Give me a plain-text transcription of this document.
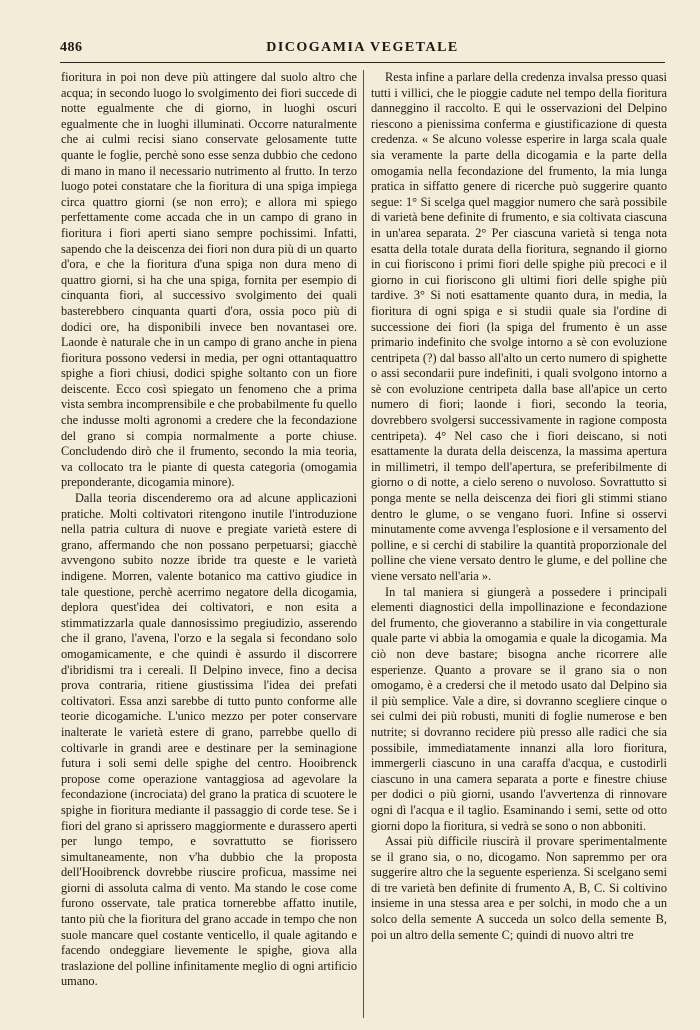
486	DICOGAMIA VEGETALE

fioritura in poi non deve più attingere dal suolo altro che acqua; in secondo luogo lo svolgimento dei fiori succede di notte egualmente che di giorno, in luoghi oscuri egualmente che in luoghi illuminati. Occorre naturalmente che ai culmi recisi siano conservate gelosamente tutte quante le foglie, perchè sono esse senza dubbio che cedono di mano in mano il necessario nutrimento al frutto. In terzo luogo potei constatare che la fioritura di una spiga impiega circa quattro giorni (se non erro); e allora mi spiego perfettamente come accada che in un campo di grano in fioritura i fiori aperti siano sempre pochissimi. Infatti, sapendo che la deiscenza dei fiori non dura più di un quarto d'ora, e che la fioritura d'una spiga non dura meno di quattro giorni, si ha che una spiga, fornita per esempio di cinquanta fiori, al successivo svolgimento dei quali basterebbero cinquanta quarti d'ora, ossia poco più di dodici ore, ha disponibili invece ben novantasei ore. Laonde è naturale che in un campo di grano anche in piena fioritura possono vedersi in media, per ogni ottantaquattro spighe a fiori chiusi, dodici spighe soltanto con un fiore deiscente. Ecco così spiegato un fenomeno che a prima vista sembra incomprensibile e che probabilmente fu quello che indusse molti agronomi a credere che la fecondazione del grano si compia normalmente a porte chiuse. Concludendo dirò che il frumento, secondo la mia teoria, va collocato tra le piante di questa categoria (omogamia preponderante, dicogamia minore).

Dalla teoria discenderemo ora ad alcune applicazioni pratiche. Molti coltivatori ritengono inutile l'introduzione nella patria cultura di nuove e pregiate varietà estere di grano, affermando che non possano perpetuarsi; giacchè avvengono subito nozze ibride tra queste e le varietà indigene. Morren, valente botanico ma cattivo giudice in tale questione, perchè acerrimo negatore della dicogamia, deplora quest'idea dei coltivatori, e non esita a stimmatizzarla quale dannosissimo pregiudizio, asserendo che il grano, l'avena, l'orzo e la segala si fecondano solo omogamicamente, e che quindi è assurdo il discorrere d'ibridismi tra i cereali. Il Delpino invece, fino a decisa prova contraria, ritiene giustissima l'idea dei prefati coltivatori. Essa anzi sarebbe di tutto punto conforme alle teorie dicogamiche. L'unico mezzo per poter conservare inalterate le varietà estere di grano, parrebbe quello di coltivarle in grandi aree e destinare per la seminagione futura i soli semi delle spighe del centro. Hooibrenck propose come operazione vantaggiosa ad agevolare la fecondazione (incrociata) del grano la pratica di scuotere le spighe in fioritura mediante il passaggio di corde tese. Se i fiori del grano si aprissero maggiormente e durassero aperti per lungo tempo, e sovrattutto se fiorissero simultaneamente, non v'ha dubbio che la proposta dell'Hooibrenck dovrebbe riuscire proficua, massime nei giorni di assoluta calma di vento. Ma stando le cose come furono osservate, tale pratica tornerebbe affatto inutile, tanto più che la fioritura del grano accade in tempo che non suole mancare quel costante venticello, il quale agitando e facendo ondeggiare lievemente le spighe, giova alla traslazione del polline infinitamente meglio di ogni artificio umano.

Resta infine a parlare della credenza invalsa presso quasi tutti i villici, che le pioggie cadute nel tempo della fioritura danneggino il raccolto. E qui le osservazioni del Delpino riescono a pienissima conferma e giustificazione di questa credenza. « Se alcuno volesse esperire in larga scala quale sia veramente la parte della dicogamia e la parte della omogamia nella fecondazione del frumento, la mia lunga pratica in siffatto genere di ricerche può suggerire quanto segue: 1° Si scelga quel maggior numero che sarà possibile di varietà bene definite di frumento, e sia coltivata ciascuna in un'area separata. 2° Per ciascuna varietà si tenga nota esatta della totale durata della fioritura, segnando il giorno in cui fioriscono i primi fiori delle spighe più precoci e il giorno in cui fioriscono gli ultimi fiori delle spighe più tardive. 3° Si noti esattamente quanto dura, in media, la fioritura di ogni spiga e si studii quale sia l'ordine di successione dei fiori (la spiga del frumento è un asse primario indefinito che svolge intorno a sè con evoluzione centripeta (?) dal basso all'alto un certo numero di spighette o assi secondarii pure indefiniti, i quali svolgono intorno a sè con evoluzione centripeta dalla base all'apice un certo numero di fiori; laonde i fiori, secondo la teoria, dovrebbero svolgersi successivamente in ragione composta centripeta). 4° Nel caso che i fiori deiscano, si noti esattamente la durata della deiscenza, la massima apertura in millimetri, il tempo dell'apertura, se preferibilmente di giorno o di notte, a cielo sereno o nuvoloso. Sovrattutto si ponga mente se nella deiscenza dei fiori gli stimmi stiano dentro le glume, o se vengano fuori. Infine si osservi minutamente come avvenga l'esplosione e il versamento del polline, e si cerchi di stabilire la quantità proporzionale del polline che viene versato dentro le glume, e del polline che viene versato nell'aria ».

In tal maniera si giungerà a possedere i principali elementi diagnostici della impollinazione e fecondazione del frumento, che gioveranno a stabilire in via congetturale quale parte vi abbia la omogamia e quale la dicogamia. Ma ciò non deve bastare; bisogna anche ricorrere alle esperienze. Quanto a provare se il grano sia o non omogamo, è a credersi che il metodo usato dal Delpino sia il più semplice. Vale a dire, si dovranno scegliere cinque o sei culmi dei più robusti, muniti di foglie numerose e ben nutrite; si dovranno recidere più presso alle radici che sia possibile, immediatamente innanzi alla loro fioritura, immergerli ciascuno in una caraffa d'acqua, e custodirli ciascuno in una camera separata a porte e finestre chiuse per dodici o più giorni, usando l'avvertenza di rinnovare ogni dì l'acqua e il taglio. Esaminando i semi, sette od otto giorni dopo la fioritura, si vedrà se sono o non abboniti.

Assai più difficile riuscirà il provare sperimentalmente se il grano sia, o no, dicogamo. Non sapremmo per ora suggerire altro che la seguente esperienza. Si scelgano semi di tre varietà ben definite di frumento A, B, C. Si coltivino insieme in una stessa area e per solchi, in modo che a un solco della semente A succeda un solco della semente B, poi un altro della semente C; quindi di nuovo altri tre
